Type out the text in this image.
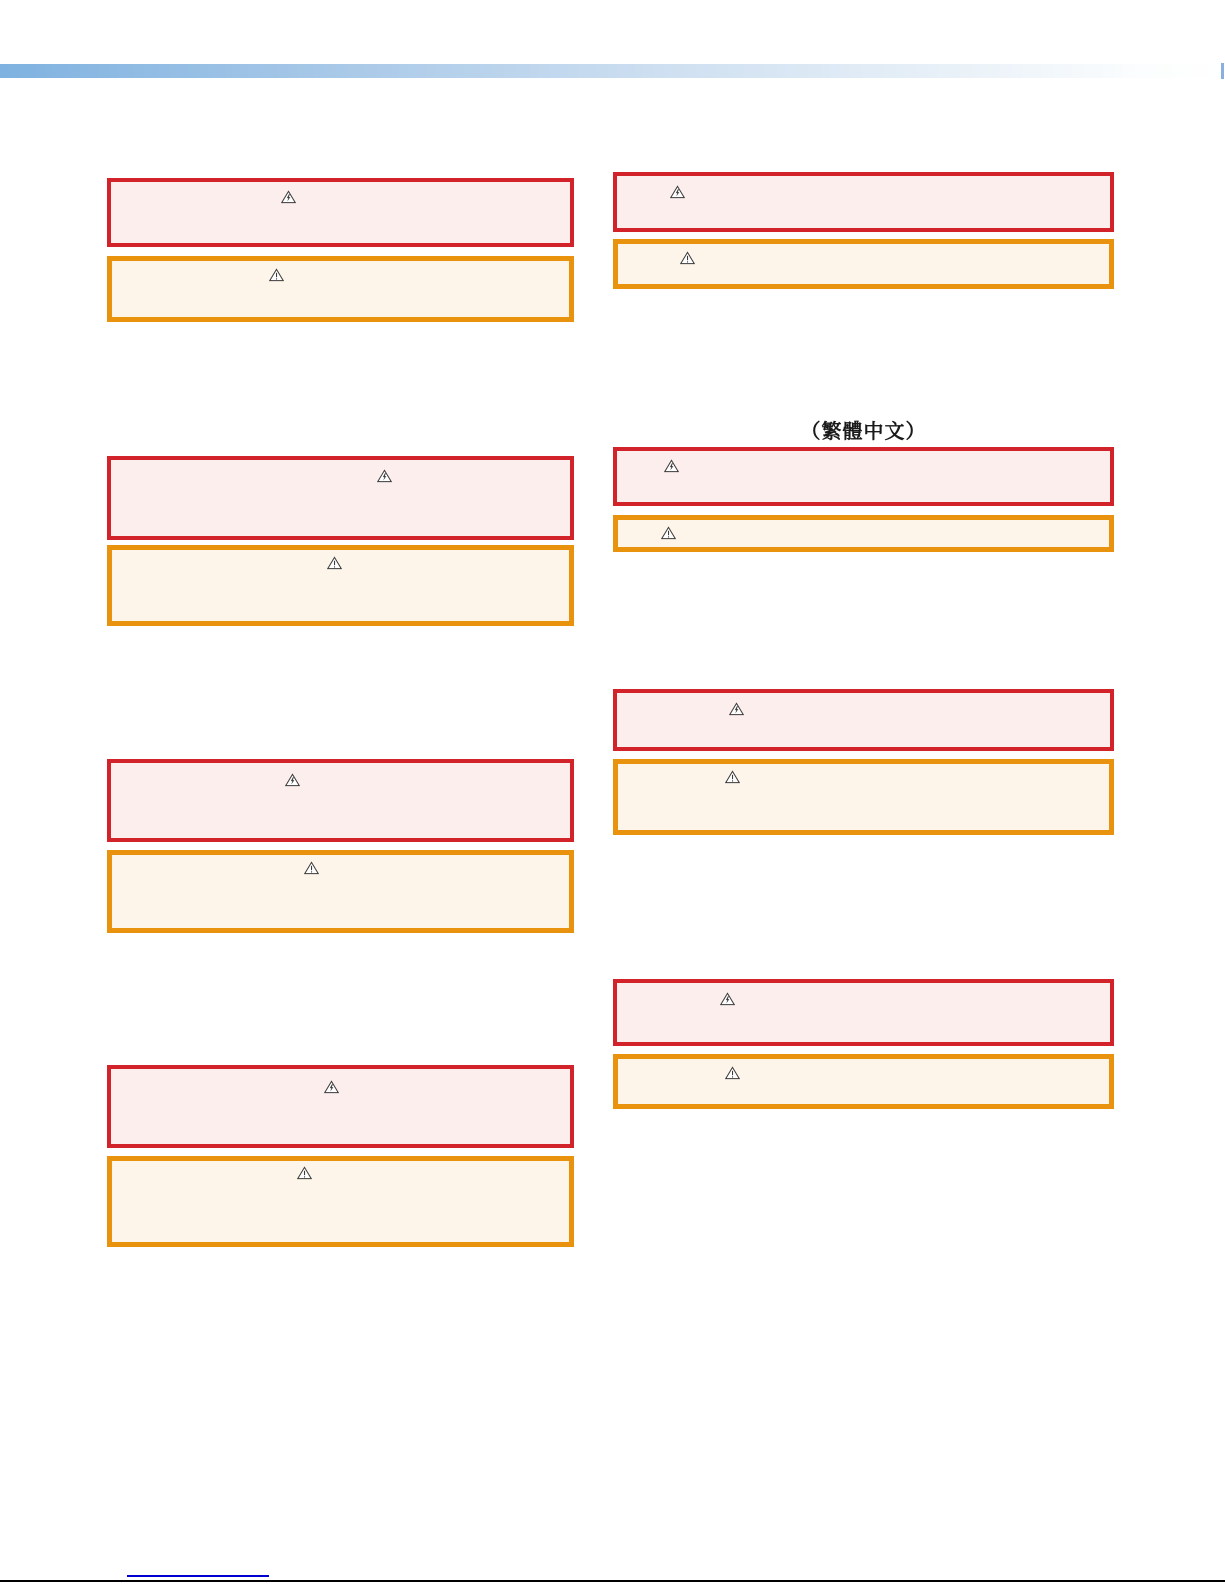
（繁體中文）
